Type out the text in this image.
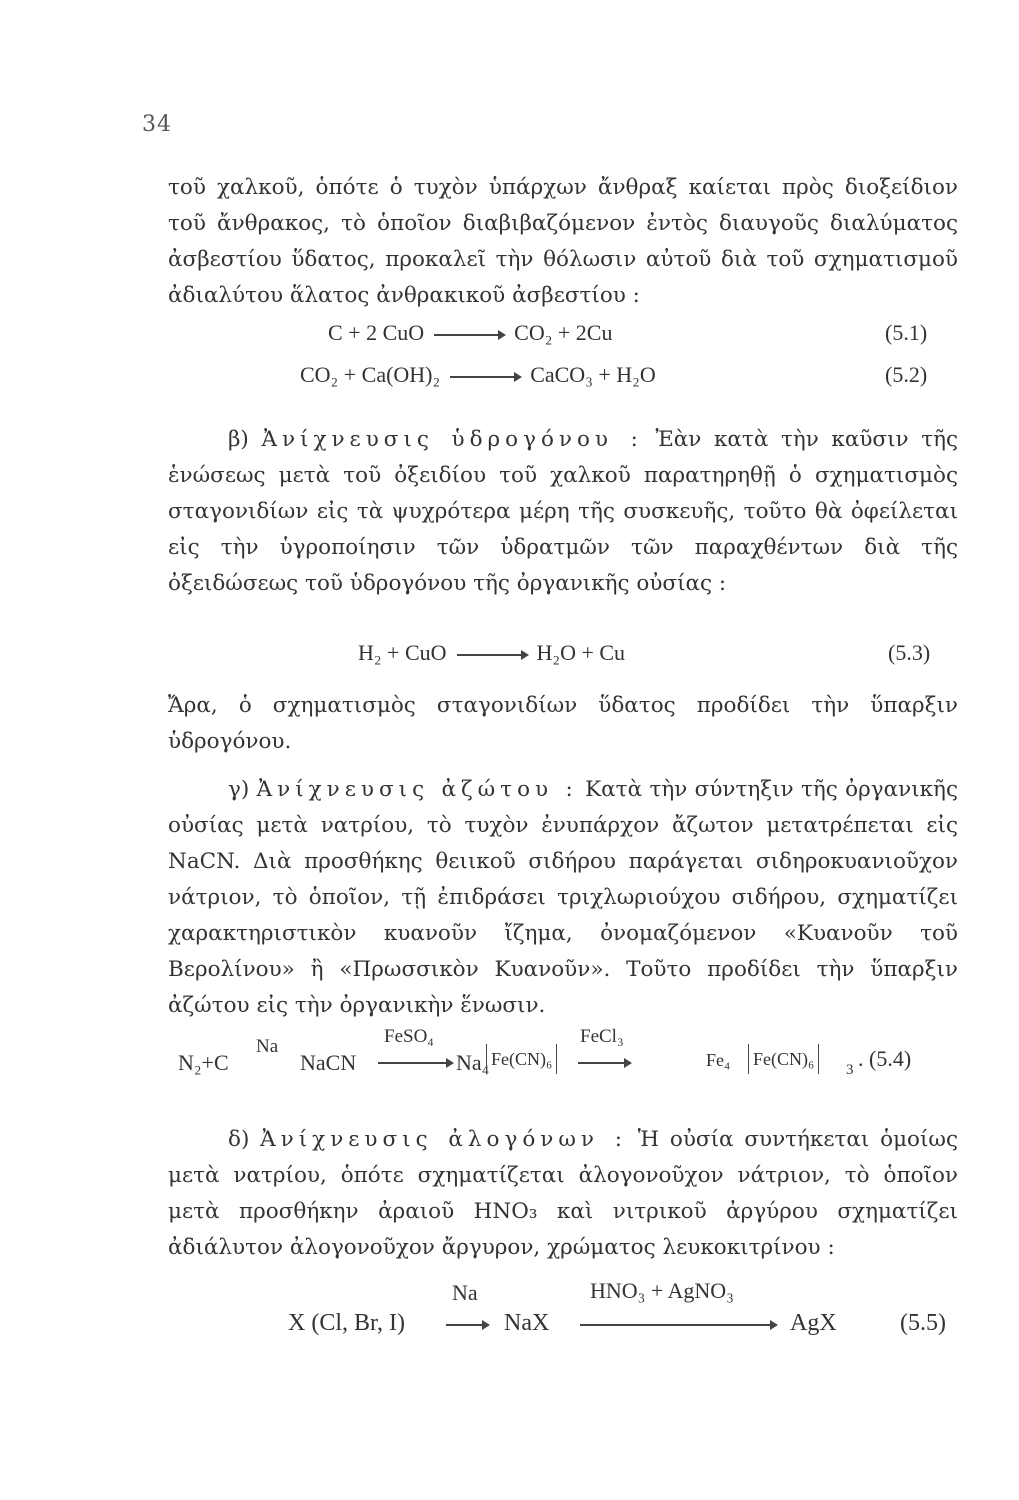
34
τοῦ χαλκοῦ, ὁπότε ὁ τυχὸν ὑπάρχων ἄνθραξ καίεται πρὸς διοξείδιον τοῦ ἄνθρακος, τὸ ὁποῖον διαβιβαζόμενον ἐντὸς διαυγοῦς διαλύματος ἀσβεστίου ὕδατος, προκαλεῖ τὴν θόλωσιν αὐτοῦ διὰ τοῦ σχηματισμοῦ ἀδιαλύτου ἅλατος ἀνθρακικοῦ ἀσβεστίου :
C + 2 CuO → CO₂ + 2Cu	(5.1)
CO₂ + Ca(OH)₂ → CaCO₃ + H₂O	(5.2)
β) Ἀνίχνευσις ὑδρογόνου : Ἐὰν κατὰ τὴν καῦσιν τῆς ἑνώσεως μετὰ τοῦ ὀξειδίου τοῦ χαλκοῦ παρατηρηθῇ ὁ σχηματισμὸς σταγονιδίων εἰς τὰ ψυχρότερα μέρη τῆς συσκευῆς, τοῦτο θὰ ὀφείλεται εἰς τὴν ὑγροποίησιν τῶν ὑδρατμῶν τῶν παραχθέντων διὰ τῆς ὀξειδώσεως τοῦ ὑδρογόνου τῆς ὀργανικῆς οὐσίας :
H₂ + CuO → H₂O + Cu	(5.3)
Ἄρα, ὁ σχηματισμὸς σταγονιδίων ὕδατος προδίδει τὴν ὕπαρξιν ὑδρογόνου.
γ) Ἀνίχνευσις ἀζώτου : Κατὰ τὴν σύντηξιν τῆς ὀργανικῆς οὐσίας μετὰ νατρίου, τὸ τυχὸν ἐνυπάρχον ἄζωτον μετατρέπεται εἰς NaCN. Διὰ προσθήκης θειικοῦ σιδήρου παράγεται σιδηροκυανιοῦχον νάτριον, τὸ ὁποῖον, τῇ ἐπιδράσει τριχλωριούχου σιδήρου, σχηματίζει χαρακτηριστικὸν κυανοῦν ἴζημα, ὀνομαζόμενον «Κυανοῦν τοῦ Βερολίνου» ἢ «Πρωσσικὸν Κυανοῦν». Τοῦτο προδίδει τὴν ὕπαρξιν ἀζώτου εἰς τὴν ὀργανικὴν ἕνωσιν.
N₂+C
Na
NaCN
FeSO₄
→ Na₄ Fe(CN)₆
FeCl₃
Fe₄ Fe(CN)₆
3 . (5.4)
δ) Ἀνίχνευσις ἀλογόνων : Ἡ οὐσία συντήκεται ὁμοίως μετὰ νατρίου, ὁπότε σχηματίζεται ἀλογονοῦχον νάτριον, τὸ ὁποῖον μετὰ προσθήκην ἀραιοῦ HNO₃ καὶ νιτρικοῦ ἀργύρου σχηματίζει ἀδιάλυτον ἀλογονοῦχον ἄργυρον, χρώματος λευκοκιτρίνου :
X (Cl, Br, I)
Na
→ NaX
HNO₃ + AgNO₃
AgX	(5.5)
